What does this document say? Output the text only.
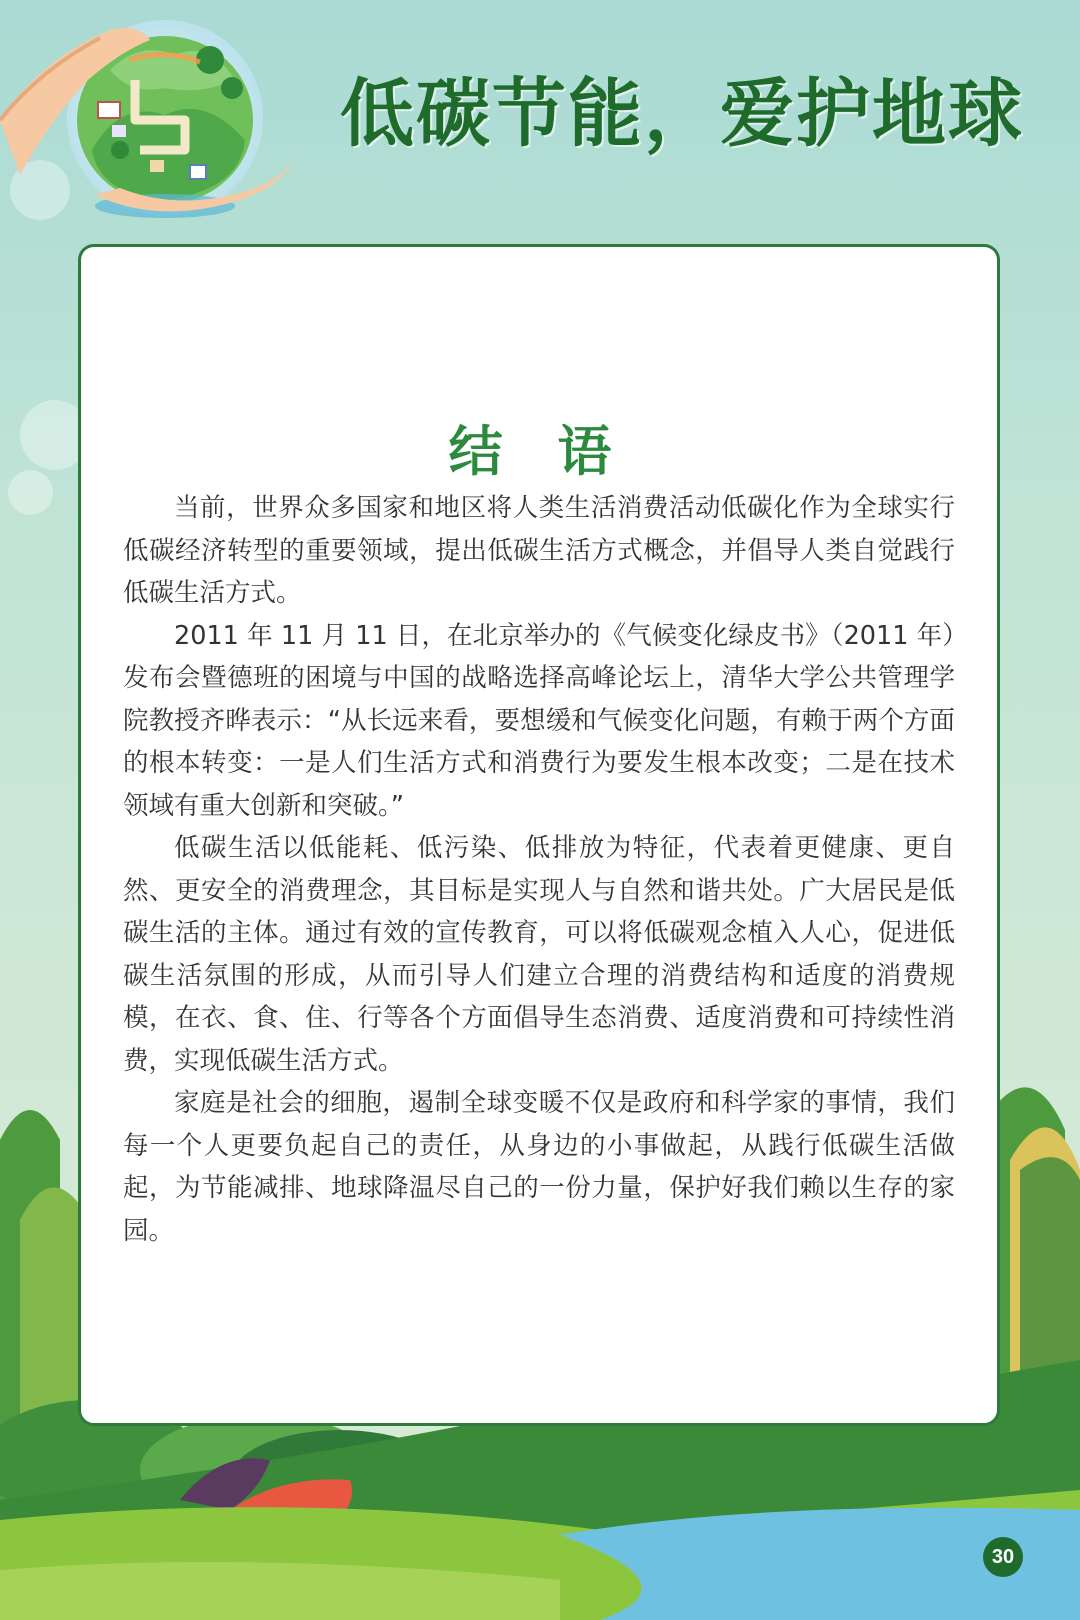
低碳节能，爱护地球
结 语

当前，世界众多国家和地区将人类生活消费活动低碳化作为全球实行低碳经济转型的重要领域，提出低碳生活方式概念，并倡导人类自觉践行低碳生活方式。

2011 年 11 月 11 日，在北京举办的《气候变化绿皮书》（2011 年）发布会暨德班的困境与中国的战略选择高峰论坛上，清华大学公共管理学院教授齐晔表示：“从长远来看，要想缓和气候变化问题，有赖于两个方面的根本转变：一是人们生活方式和消费行为要发生根本改变；二是在技术领域有重大创新和突破。”

低碳生活以低能耗、低污染、低排放为特征，代表着更健康、更自然、更安全的消费理念，其目标是实现人与自然和谐共处。广大居民是低碳生活的主体。通过有效的宣传教育，可以将低碳观念植入人心，促进低碳生活氛围的形成，从而引导人们建立合理的消费结构和适度的消费规模，在衣、食、住、行等各个方面倡导生态消费、适度消费和可持续性消费，实现低碳生活方式。

家庭是社会的细胞，遏制全球变暖不仅是政府和科学家的事情，我们每一个人更要负起自己的责任，从身边的小事做起，从践行低碳生活做起，为节能减排、地球降温尽自己的一份力量，保护好我们赖以生存的家园。

30
